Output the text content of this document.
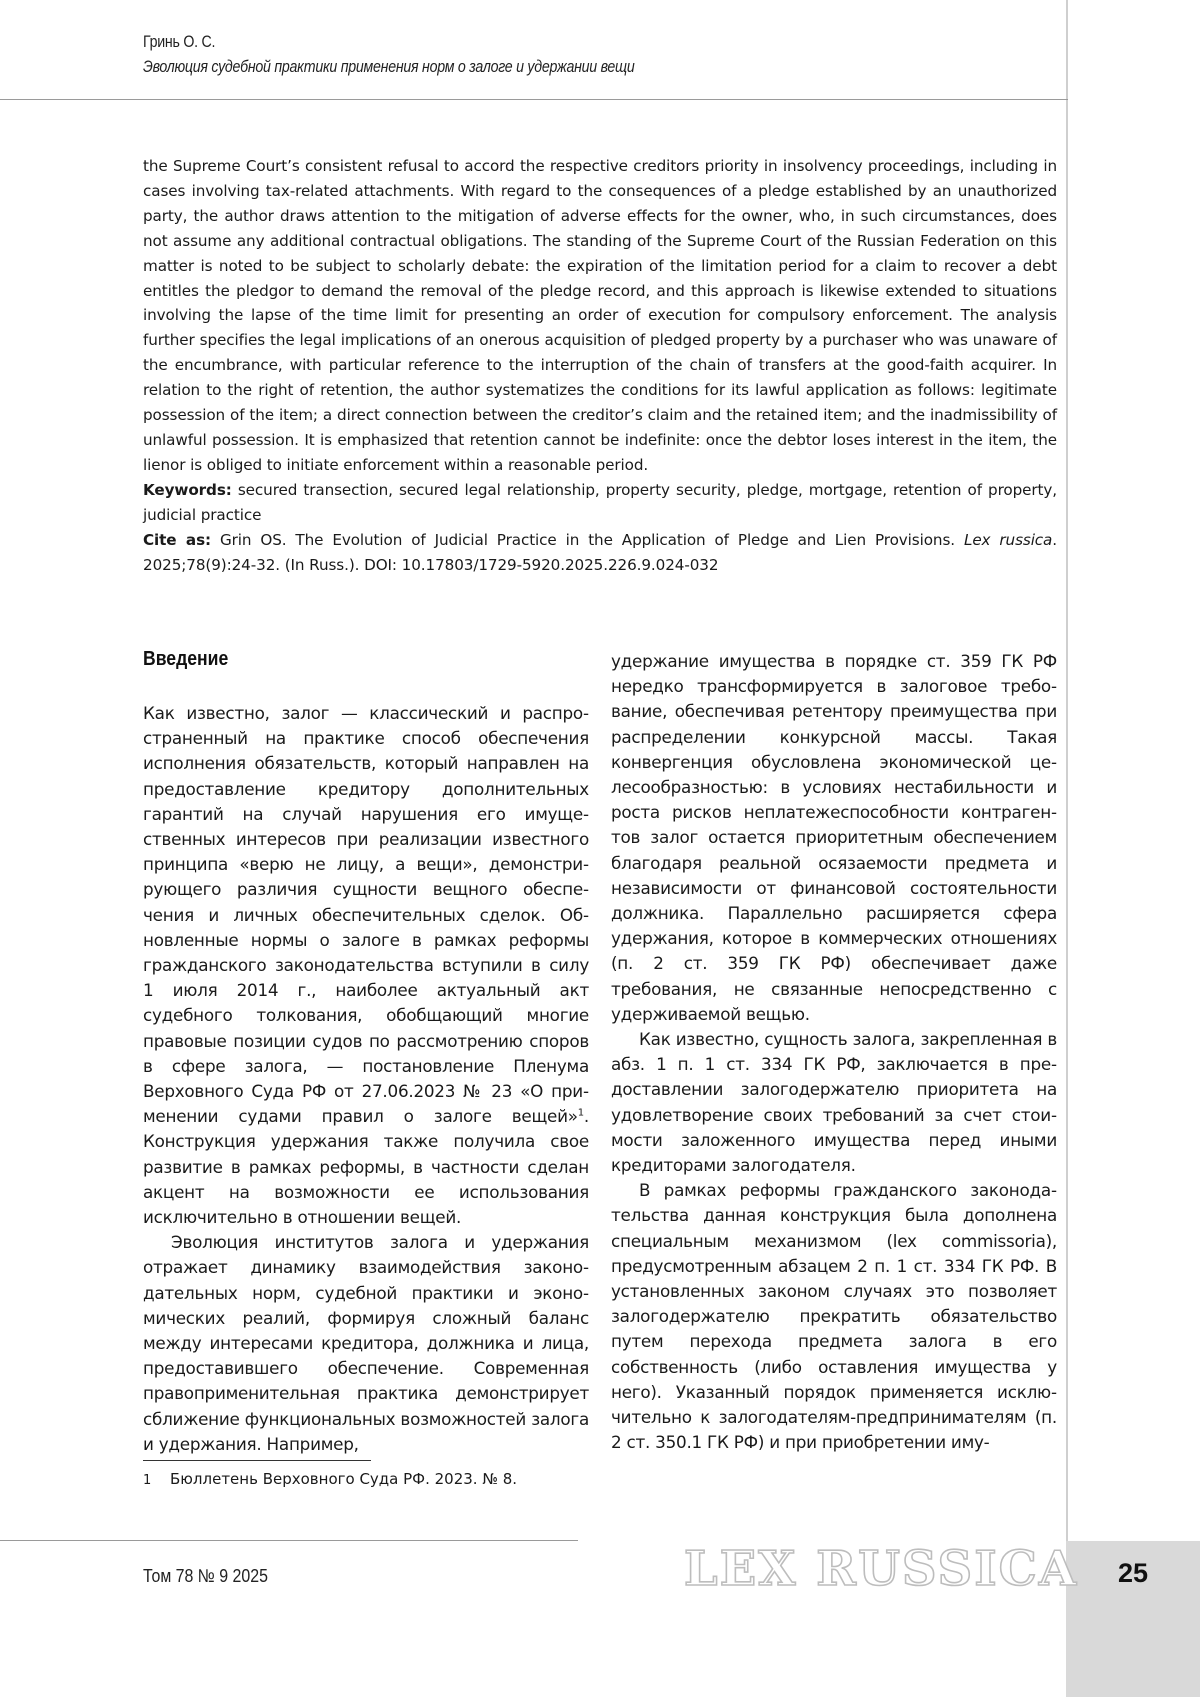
25
Гринь О. С.
Эволюция судебной практики применения норм о залоге и удержании вещи

the Supreme Court’s consistent refusal to accord the respective creditors priority in insolvency proceedings, including in cases involving tax-related attachments. With regard to the consequences of a pledge established by an unauthorized party, the author draws attention to the mitigation of adverse effects for the owner, who, in such circumstances, does not assume any additional contractual obligations. The standing of the Supreme Court of the Russian Federation on this matter is noted to be subject to scholarly debate: the expiration of the limitation period for a claim to recover a debt entitles the pledgor to demand the removal of the pledge record, and this approach is likewise extended to situations involving the lapse of the time limit for presenting an order of execution for compulsory enforcement. The analysis further specifies the legal implications of an onerous acquisition of pledged property by a purchaser who was unaware of the encumbrance, with particular reference to the interruption of the chain of transfers at the good-faith acquirer. In relation to the right of retention, the author systematizes the conditions for its lawful application as follows: legitimate possession of the item; a direct connection between the creditor’s claim and the retained item; and the inadmissibility of unlawful possession. It is emphasized that retention cannot be indefinite: once the debtor loses interest in the item, the lienor is obliged to initiate enforcement within a reasonable period.

Keywords: secured transection, secured legal relationship, property security, pledge, mortgage, retention of property, judicial practice

Cite as: Grin OS. The Evolution of Judicial Practice in the Application of Pledge and Lien Provisions. Lex russica. 2025;78(9):24-32. (In Russ.). DOI: 10.17803/1729-5920.2025.226.9.024-032

Введение

Как известно, залог — классический и распространенный на практике способ обеспечения исполнения обязательств, который направлен на предоставление кредитору дополнительных гарантий на случай нарушения его имущественных интересов при реализации известного принципа «верю не лицу, а вещи», демонстрирующего различия сущности вещного обеспечения и личных обеспечительных сделок. Обновленные нормы о залоге в рамках реформы гражданского законодательства вступили в силу 1 июля 2014 г., наиболее актуальный акт судебного толкования, обобщающий многие правовые позиции судов по рассмотрению споров в сфере залога, — постановление Пленума Верховного Суда РФ от 27.06.2023 № 23 «О применении судами правил о залоге вещей»$^1$. Конструкция удержания также получила свое развитие в рамках реформы, в частности сделан акцент на возможности ее использования исключительно в отношении вещей.

Эволюция институтов залога и удержания отражает динамику взаимодействия законодательных норм, судебной практики и экономических реалий, формируя сложный баланс между интересами кредитора, должника и лица, предоставившего обеспечение. Современная правоприменительная практика демонстрирует сближение функциональных возможностей залога и удержания. Например,

удержание имущества в порядке ст. 359 ГК РФ нередко трансформируется в залоговое требование, обеспечивая ретентору преимущества при распределении конкурсной массы. Такая конвергенция обусловлена экономической целесообразностью: в условиях нестабильности и роста рисков неплатежеспособности контрагентов залог остается приоритетным обеспечением благодаря реальной осязаемости предмета и независимости от финансовой состоятельности должника. Параллельно расширяется сфера удержания, которое в коммерческих отношениях (п. 2 ст. 359 ГК РФ) обеспечивает даже требования, не связанные непосредственно с удерживаемой вещью.

Как известно, сущность залога, закрепленная в абз. 1 п. 1 ст. 334 ГК РФ, заключается в предоставлении залогодержателю приоритета на удовлетворение своих требований за счет стоимости заложенного имущества перед иными кредиторами залогодателя.

В рамках реформы гражданского законодательства данная конструкция была дополнена специальным механизмом (lex commissoria), предусмотренным абзацем 2 п. 1 ст. 334 ГК РФ. В установленных законом случаях это позволяет залогодержателю прекратить обязательство путем перехода предмета залога в его собственность (либо оставления имущества у него). Указанный порядок применяется исключительно к залогодателям-предпринимателям (п. 2 ст. 350.1 ГК РФ) и при приобретении иму-

1 Бюллетень Верховного Суда РФ. 2023. № 8.
Том 78 № 9 2025	LEX RUSSICA
